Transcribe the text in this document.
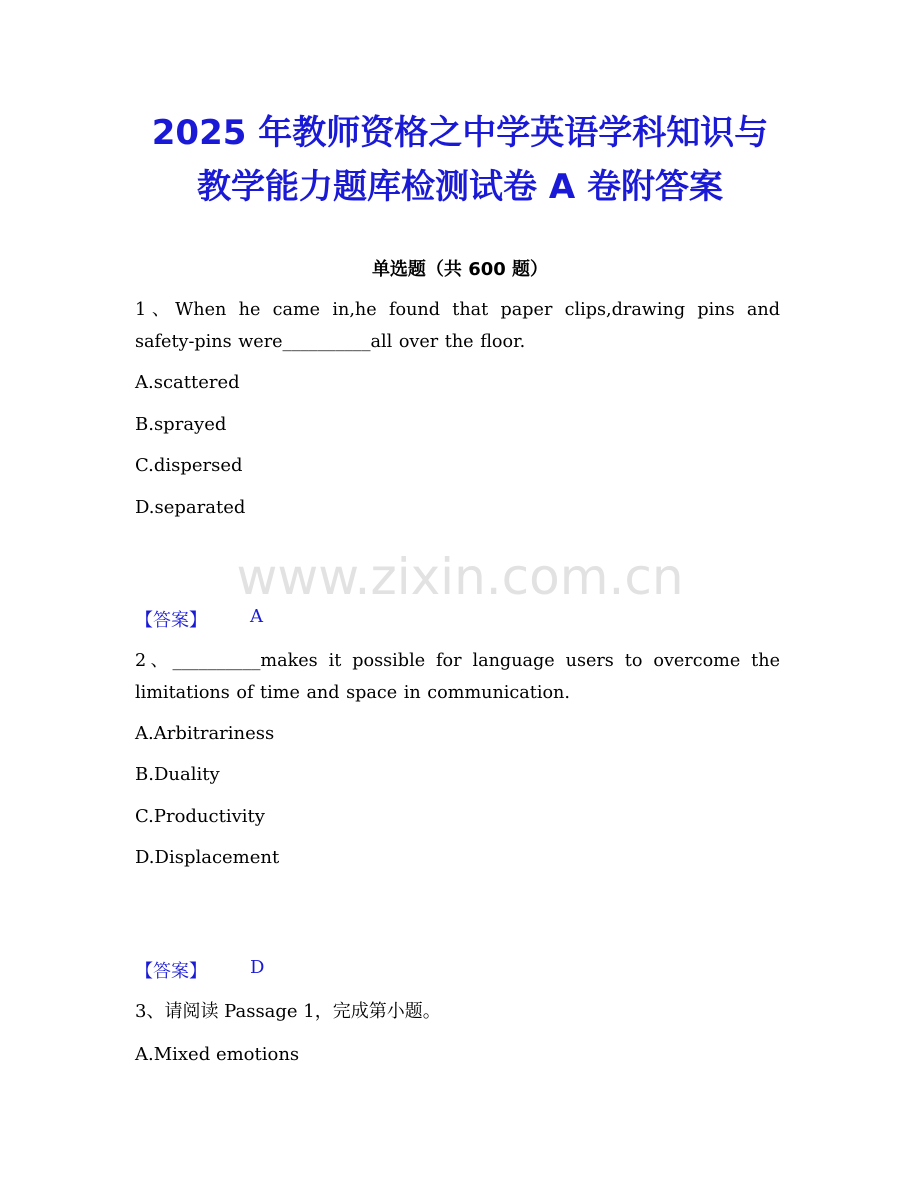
2025 年教师资格之中学英语学科知识与
教学能力题库检测试卷 A 卷附答案
单选题（共 600 题）
1、When he came in,he found that paper clips,drawing pins and safety-pins were__________all over the floor.
A.scattered
B.sprayed
C.dispersed
D.separated
www.zixin.com.cn
【答案】 A
2、__________makes it possible for language users to overcome the limitations of time and space in communication.
A.Arbitrariness
B.Duality
C.Productivity
D.Displacement
【答案】 D
3、请阅读 Passage 1，完成第小题。
A.Mixed emotions
